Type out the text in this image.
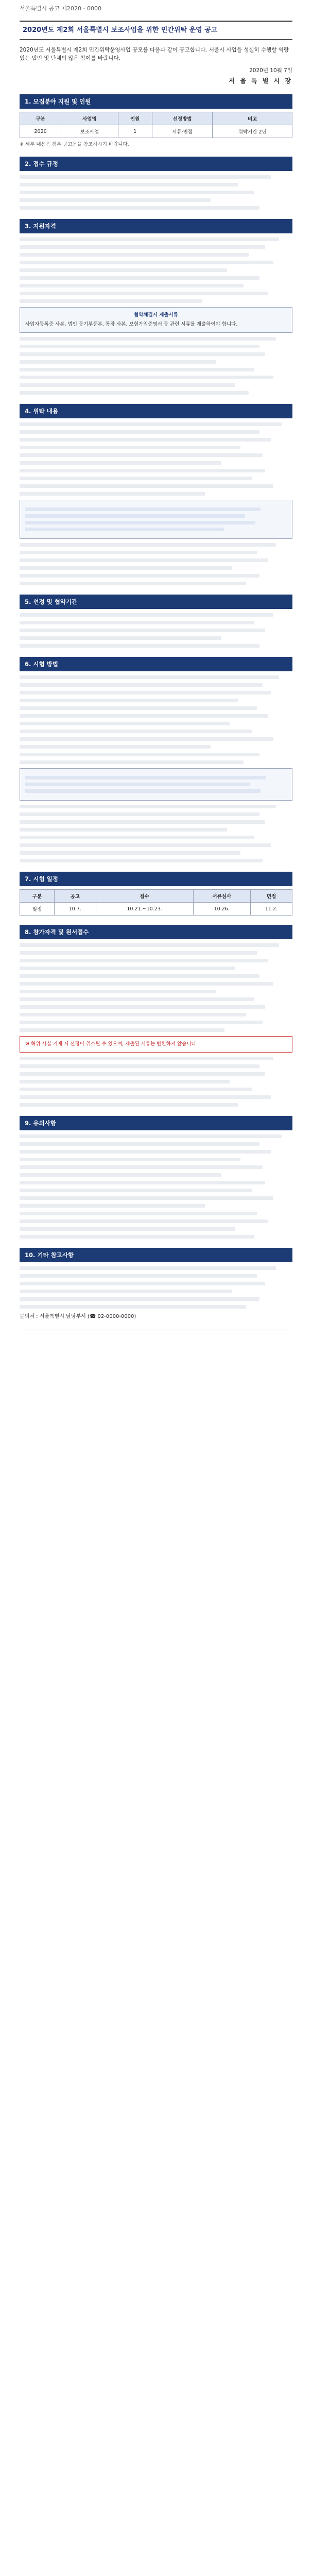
서울특별시 공고 제2020 - 0000
2020년도 제2회 서울특별시 보조사업을 위한 민간위탁 운영 공고
2020년도 서울특별시 제2회 민간위탁운영사업 공모를 다음과 같이 공고합니다. 서울시 사업을 성실히 수행할 역량 있는 법인 및 단체의 많은 참여를 바랍니다.
2020년 10월 7일
서 울 특 별 시 장
1. 모집분야 지원 및 인원
구분	사업명	인원	선정방법	비고
2020	보조사업	1	서류·면접	위탁기간 2년
※ 세부 내용은 첨부 공고문을 참조하시기 바랍니다.
2. 접수 규정
3. 지원자격
협약체결시 제출서류
사업자등록증 사본, 법인 등기부등본, 통장 사본, 보험가입증명서 등 관련 서류를 제출하여야 합니다.
4. 위탁 내용
5. 선정 및 협약기간
6. 시험 방법
7. 시험 일정
구분	공고	접수	서류심사	면접
일정	10.7.	10.21.~10.23.	10.26.	11.2.
8. 참가자격 및 원서접수
※ 허위 사실 기재 시 선정이 취소될 수 있으며, 제출된 서류는 반환하지 않습니다.
9. 유의사항
10. 기타 참고사항
문의처 : 서울특별시 담당부서 (☎ 02-0000-0000)
